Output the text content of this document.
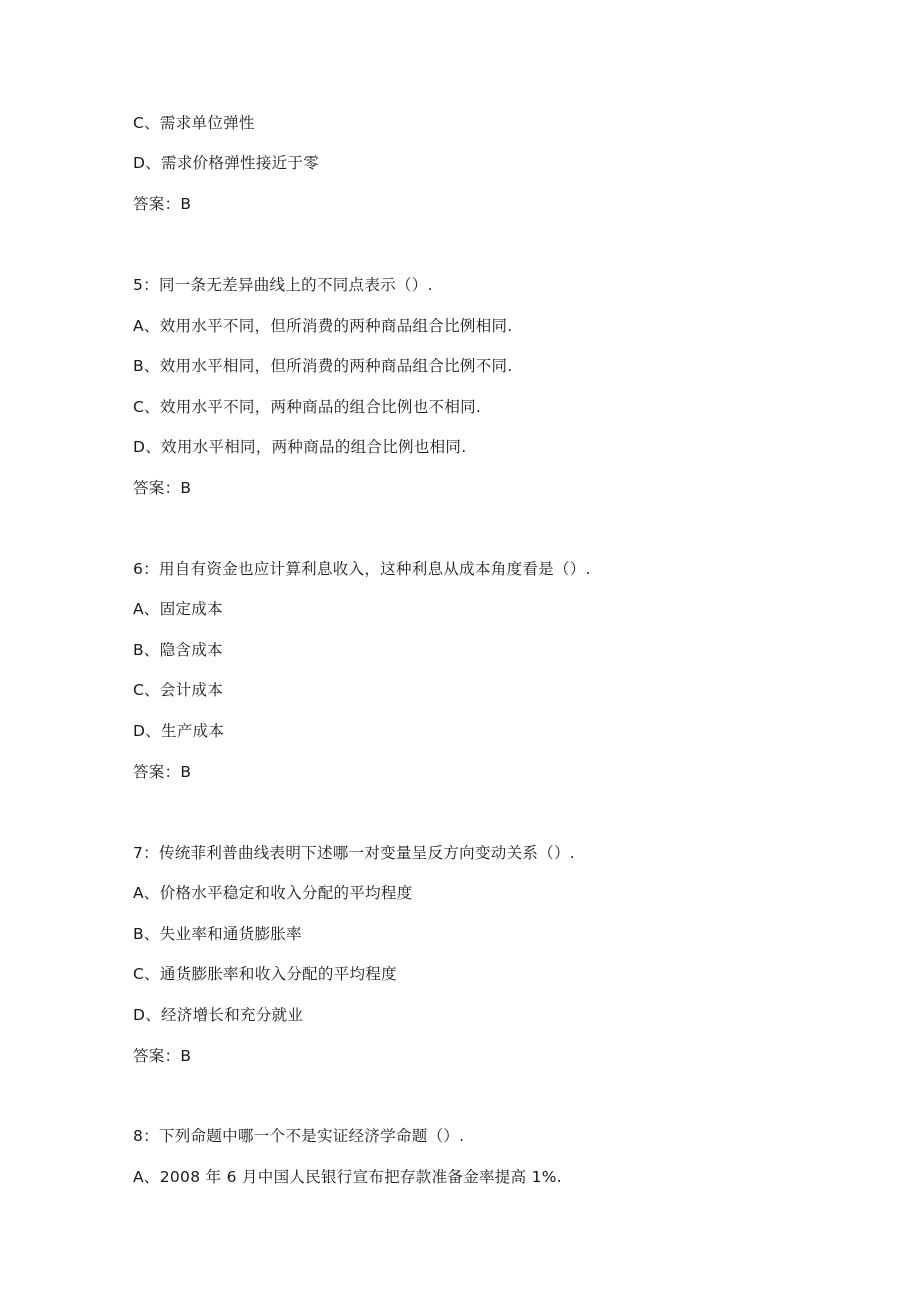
C、需求单位弹性
D、需求价格弹性接近于零
答案：B
5：同一条无差异曲线上的不同点表示（）.
A、效用水平不同，但所消费的两种商品组合比例相同.
B、效用水平相同，但所消费的两种商品组合比例不同.
C、效用水平不同，两种商品的组合比例也不相同.
D、效用水平相同，两种商品的组合比例也相同.
答案：B
6：用自有资金也应计算利息收入，这种利息从成本角度看是（）.
A、固定成本
B、隐含成本
C、会计成本
D、生产成本
答案：B
7：传统菲利普曲线表明下述哪一对变量呈反方向变动关系（）.
A、价格水平稳定和收入分配的平均程度
B、失业率和通货膨胀率
C、通货膨胀率和收入分配的平均程度
D、经济增长和充分就业
答案：B
8：下列命题中哪一个不是实证经济学命题（）.
A、2008 年 6 月中国人民银行宣布把存款准备金率提高 1%.
